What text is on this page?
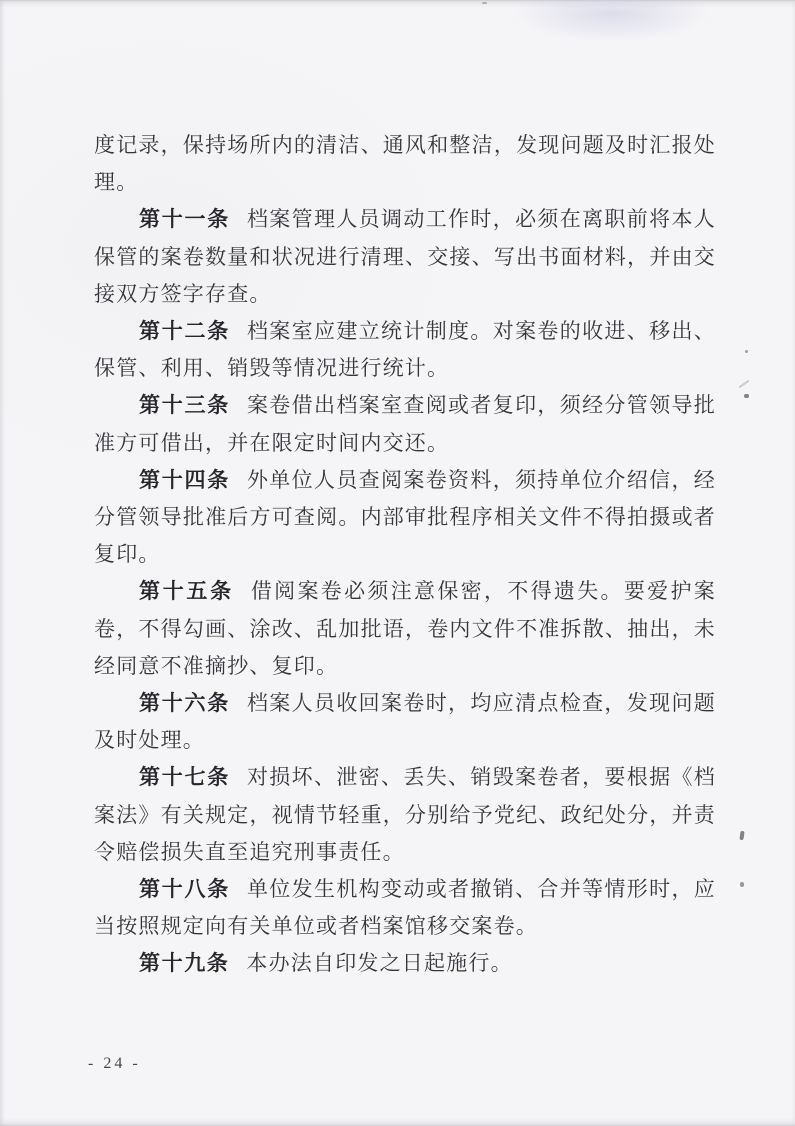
度记录，保持场所内的清洁、通风和整洁，发现问题及时汇报处理。

第十一条 档案管理人员调动工作时，必须在离职前将本人保管的案卷数量和状况进行清理、交接、写出书面材料，并由交接双方签字存查。

第十二条 档案室应建立统计制度。对案卷的收进、移出、保管、利用、销毁等情况进行统计。

第十三条 案卷借出档案室查阅或者复印，须经分管领导批准方可借出，并在限定时间内交还。

第十四条 外单位人员查阅案卷资料，须持单位介绍信，经分管领导批准后方可查阅。内部审批程序相关文件不得拍摄或者复印。

第十五条 借阅案卷必须注意保密，不得遗失。要爱护案卷，不得勾画、涂改、乱加批语，卷内文件不准拆散、抽出，未经同意不准摘抄、复印。

第十六条 档案人员收回案卷时，均应清点检查，发现问题及时处理。

第十七条 对损坏、泄密、丢失、销毁案卷者，要根据《档案法》有关规定，视情节轻重，分别给予党纪、政纪处分，并责令赔偿损失直至追究刑事责任。

第十八条 单位发生机构变动或者撤销、合并等情形时，应当按照规定向有关单位或者档案馆移交案卷。

第十九条 本办法自印发之日起施行。

- 24 -
